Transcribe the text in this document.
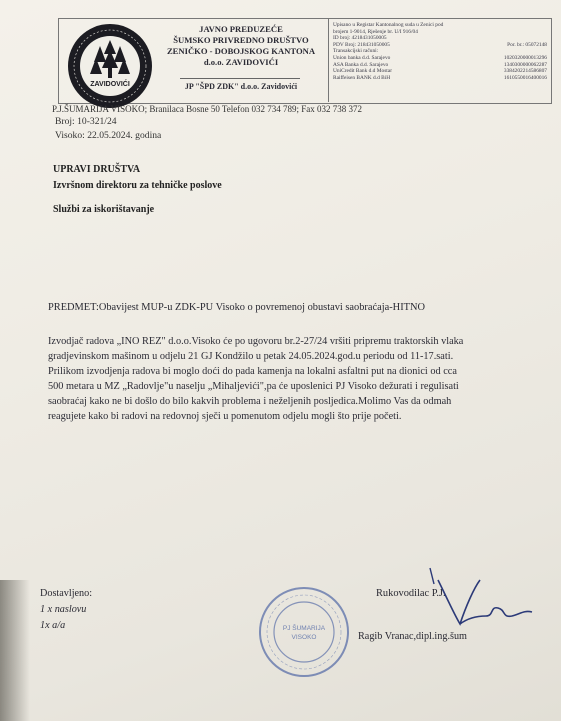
ZAVIDOVIĆI
JAVNO PREDUZEĆE
ŠUMSKO PRIVREDNO DRUŠTVO
ZENIČKO - DOBOJSKOG KANTONA
d.o.o. ZAVIDOVIĆI
JP "ŠPD ZDK" d.o.o. Zavidovići
Upisano u Registar Kantonalnog suda u Zenici pod
brojem 1-9014, Rješenje br. U/I 916/04
ID broj: 4218431050005
PDV Broj: 218431050005	Por. br.: 05072148
Transakcijski računi:
Union banka d.d. Sarajevo	1020320000013296
ASA Banka d.d. Sarajevo	1340300000062287
UniCredit Bank d.d Mostar	3384202214586807
Raiffeisen BANK d.d BiH	1610550016400016
P.J.ŠUMARIJA VISOKO; Branilaca Bosne 50 Telefon 032 734 789; Fax 032 738 372
Broj: 10-321/24
Visoko: 22.05.2024. godina
UPRAVI DRUŠTVA
Izvršnom direktoru za tehničke poslove
Službi za iskorištavanje
PREDMET:Obavijest MUP-u ZDK-PU Visoko o povremenoj obustavi saobraćaja-HITNO

Izvodjač radova „INO REZ" d.o.o.Visoko će po ugovoru br.2-27/24 vršiti pripremu traktorskih vlaka

gradjevinskom mašinom u odjelu 21 GJ Kondžilo u petak 24.05.2024.god.u periodu od 11-17.sati.

Prilikom izvodjenja radova bi moglo doći do pada kamenja na lokalni asfaltni put na dionici od cca

500 metara u MZ „Radovlje"u naselju „Mihaljevići",pa će uposlenici PJ Visoko dežurati i regulisati

saobraćaj kako ne bi došlo do bilo kakvih problema i neželjenih posljedica.Molimo Vas da odmah

reagujete kako bi radovi na redovnoj sječi u pomenutom odjelu mogli što prije početi.

Dostavljeno:
1 x naslovu
1x a/a	PJ ŠUMARIJA
VISOKO
Rukovodilac P.J.
Ragib Vranac,dipl.ing.šum
